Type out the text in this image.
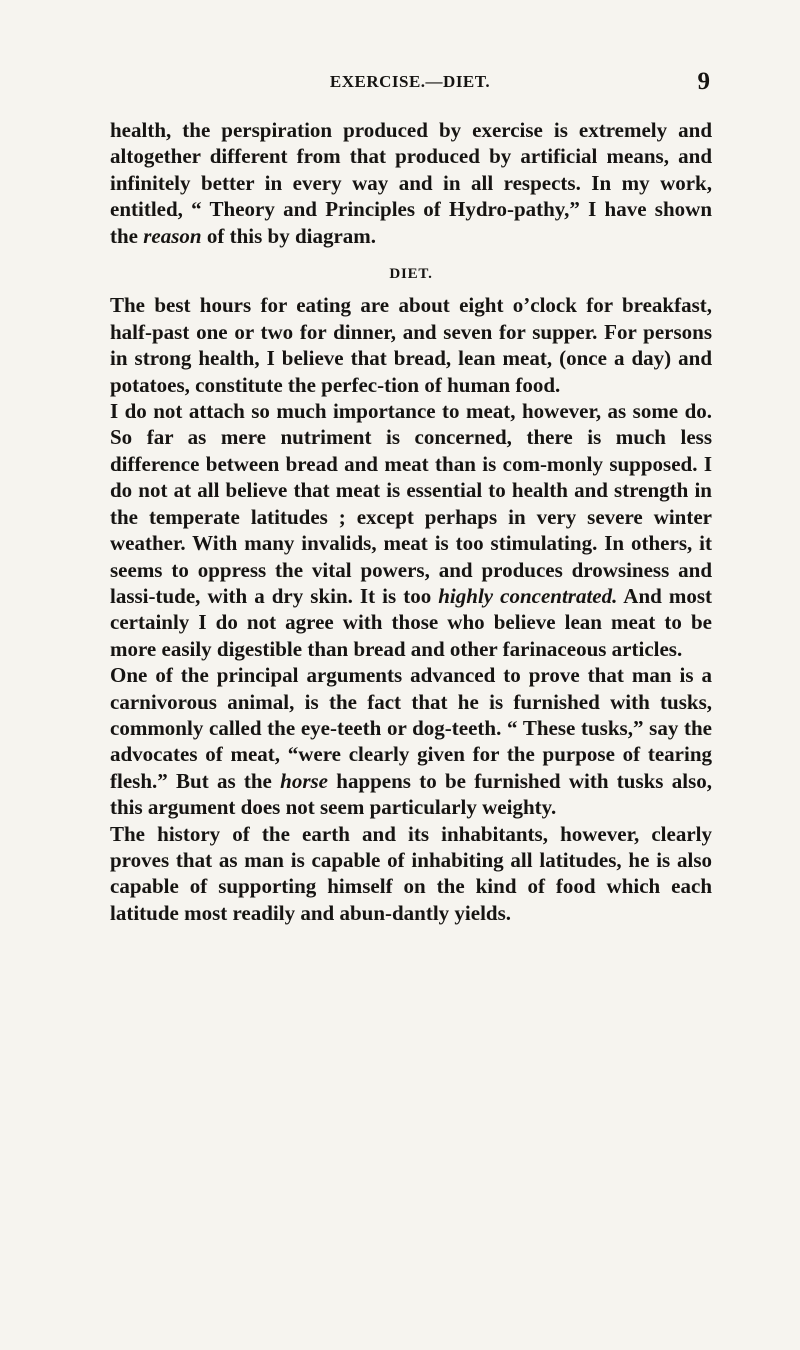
EXERCISE.—DIET.	9

health, the perspiration produced by exercise is extremely and altogether different from that produced by artificial means, and infinitely better in every way and in all respects. In my work, entitled, “ Theory and Principles of Hydro-pathy,” I have shown the reason of this by diagram.

DIET.

The best hours for eating are about eight o’clock for breakfast, half-past one or two for dinner, and seven for supper. For persons in strong health, I believe that bread, lean meat, (once a day) and potatoes, constitute the perfec-tion of human food.

I do not attach so much importance to meat, however, as some do. So far as mere nutriment is concerned, there is much less difference between bread and meat than is com-monly supposed. I do not at all believe that meat is essential to health and strength in the temperate latitudes ; except perhaps in very severe winter weather. With many invalids, meat is too stimulating. In others, it seems to oppress the vital powers, and produces drowsiness and lassi-tude, with a dry skin. It is too highly concentrated. And most certainly I do not agree with those who believe lean meat to be more easily digestible than bread and other farinaceous articles.

One of the principal arguments advanced to prove that man is a carnivorous animal, is the fact that he is furnished with tusks, commonly called the eye-teeth or dog-teeth. “ These tusks,” say the advocates of meat, “were clearly given for the purpose of tearing flesh.” But as the horse happens to be furnished with tusks also, this argument does not seem particularly weighty.

The history of the earth and its inhabitants, however, clearly proves that as man is capable of inhabiting all latitudes, he is also capable of supporting himself on the kind of food which each latitude most readily and abun-dantly yields.
